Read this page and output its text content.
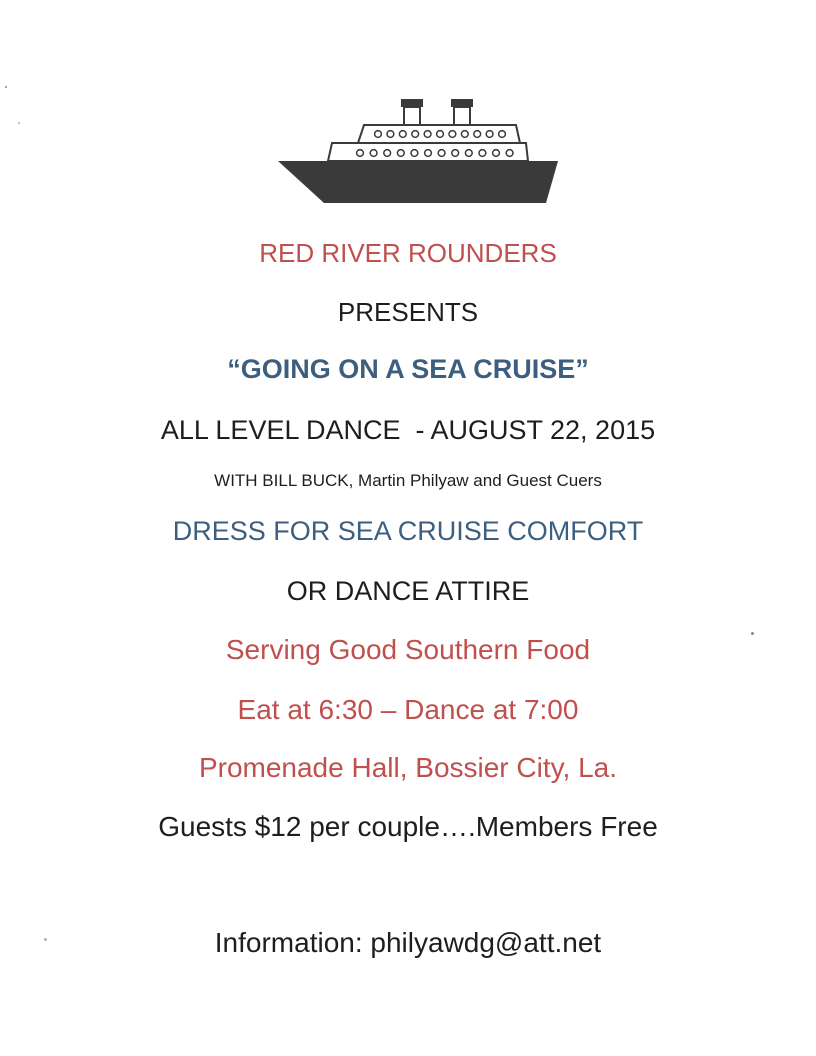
RED RIVER ROUNDERS
PRESENTS
“GOING ON A SEA CRUISE”
ALL LEVEL DANCE  - AUGUST 22, 2015
WITH BILL BUCK, Martin Philyaw and Guest Cuers
DRESS FOR SEA CRUISE COMFORT
OR DANCE ATTIRE
Serving Good Southern Food
Eat at 6:30 – Dance at 7:00
Promenade Hall, Bossier City, La.
Guests $12 per couple….Members Free
Information: philyawdg@att.net
